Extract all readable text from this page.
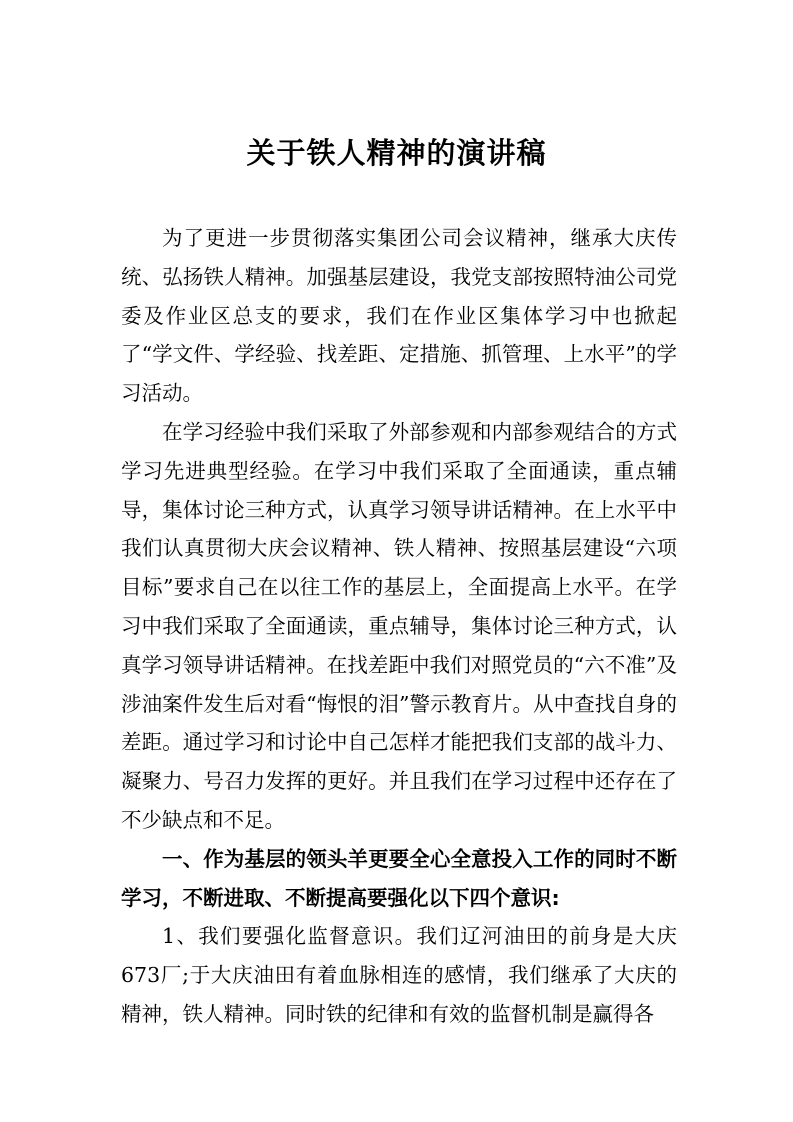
关于铁人精神的演讲稿

为了更进一步贯彻落实集团公司会议精神，继承大庆传统、弘扬铁人精神。加强基层建设，我党支部按照特油公司党委及作业区总支的要求，我们在作业区集体学习中也掀起了“学文件、学经验、找差距、定措施、抓管理、上水平”的学习活动。

在学习经验中我们采取了外部参观和内部参观结合的方式学习先进典型经验。在学习中我们采取了全面通读，重点辅导，集体讨论三种方式，认真学习领导讲话精神。在上水平中我们认真贯彻大庆会议精神、铁人精神、按照基层建设“六项目标”要求自己在以往工作的基层上，全面提高上水平。在学习中我们采取了全面通读，重点辅导，集体讨论三种方式，认真学习领导讲话精神。在找差距中我们对照党员的“六不准”及涉油案件发生后对看“悔恨的泪”警示教育片。从中查找自身的差距。通过学习和讨论中自己怎样才能把我们支部的战斗力、凝聚力、号召力发挥的更好。并且我们在学习过程中还存在了不少缺点和不足。

一、作为基层的领头羊更要全心全意投入工作的同时不断学习，不断进取、不断提高要强化以下四个意识:

1、我们要强化监督意识。我们辽河油田的前身是大庆673厂;于大庆油田有着血脉相连的感情，我们继承了大庆的精神，铁人精神。同时铁的纪律和有效的监督机制是赢得各
